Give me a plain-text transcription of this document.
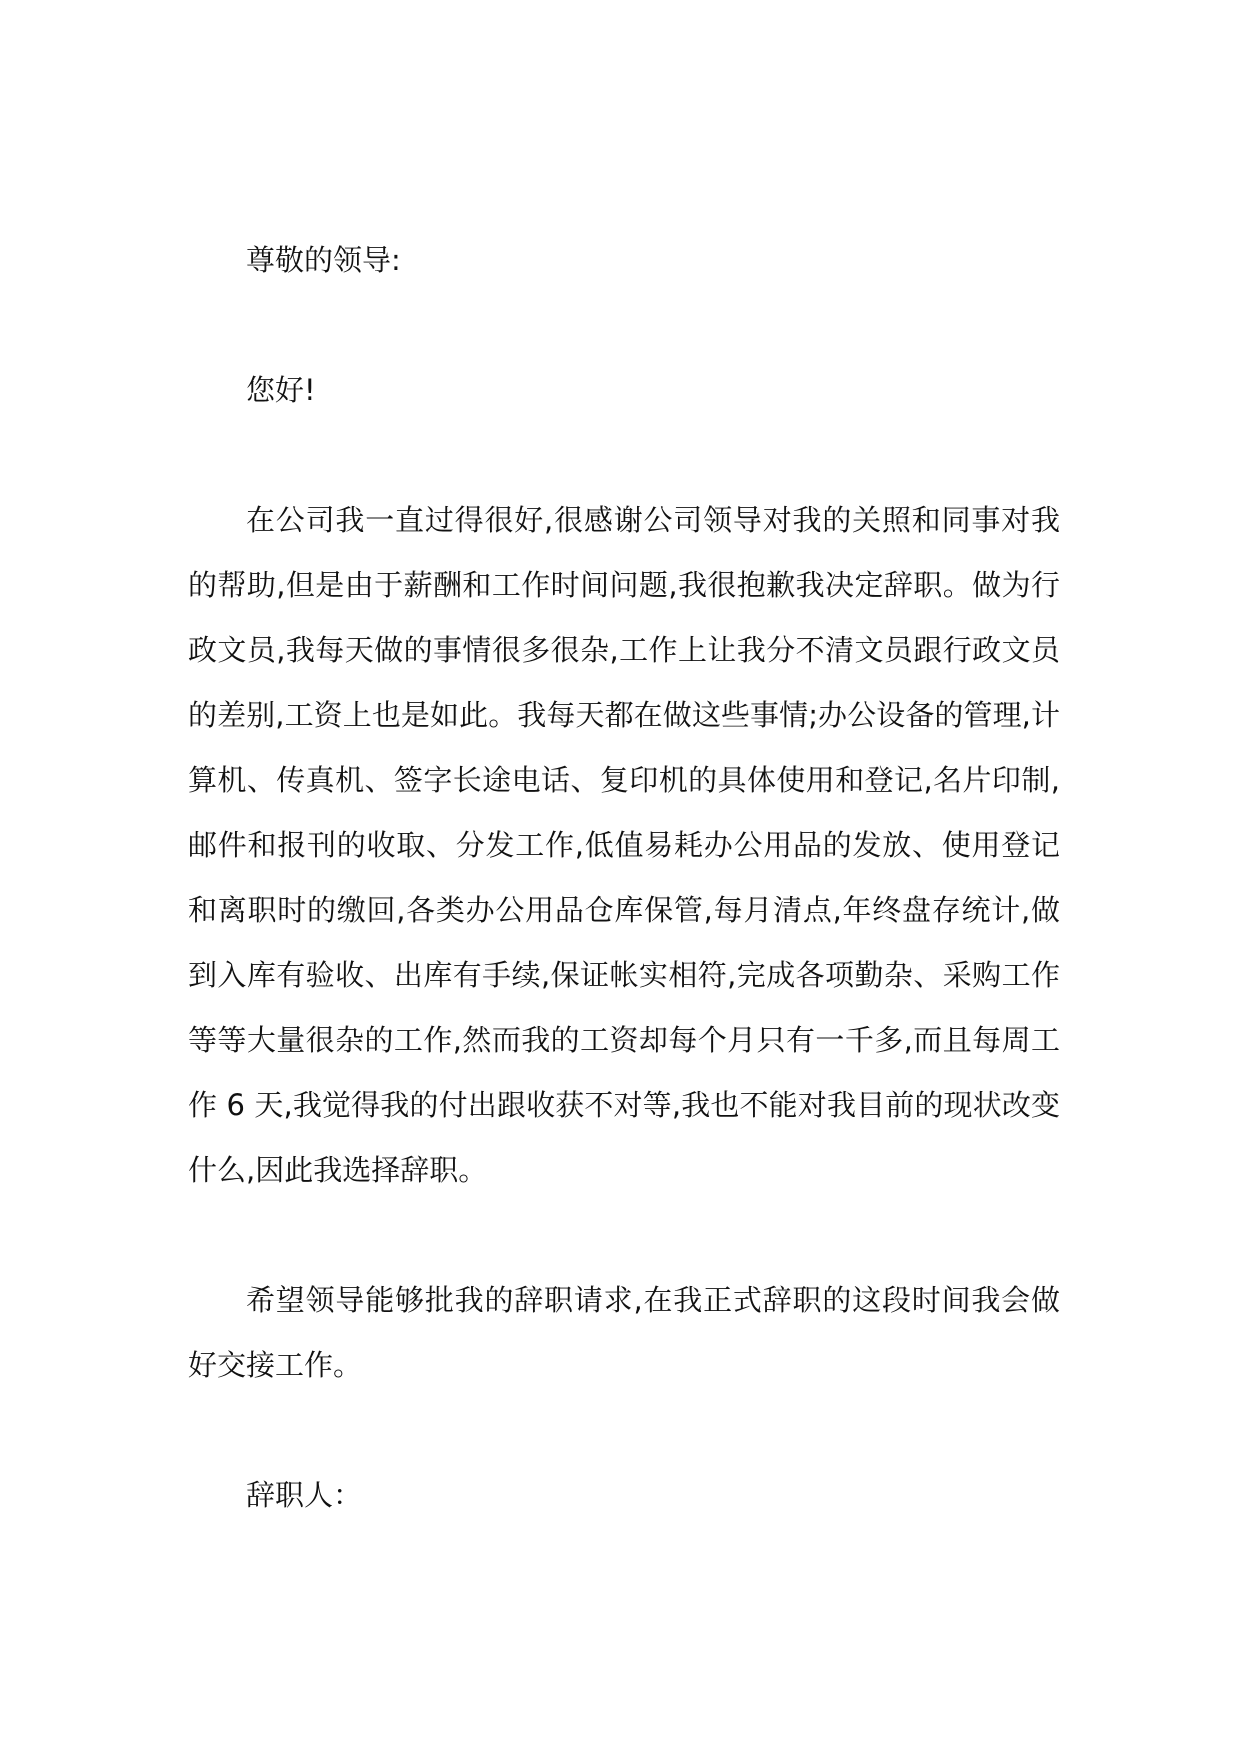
尊敬的领导:

您好!

在公司我一直过得很好,很感谢公司领导对我的关照和同事对我的帮助,但是由于薪酬和工作时间问题,我很抱歉我决定辞职。做为行政文员,我每天做的事情很多很杂,工作上让我分不清文员跟行政文员的差别,工资上也是如此。我每天都在做这些事情;办公设备的管理,计算机、传真机、签字长途电话、复印机的具体使用和登记,名片印制,邮件和报刊的收取、分发工作,低值易耗办公用品的发放、使用登记和离职时的缴回,各类办公用品仓库保管,每月清点,年终盘存统计,做到入库有验收、出库有手续,保证帐实相符,完成各项勤杂、采购工作等等大量很杂的工作,然而我的工资却每个月只有一千多,而且每周工作 6 天,我觉得我的付出跟收获不对等,我也不能对我目前的现状改变什么,因此我选择辞职。

希望领导能够批我的辞职请求,在我正式辞职的这段时间我会做好交接工作。

辞职人：
